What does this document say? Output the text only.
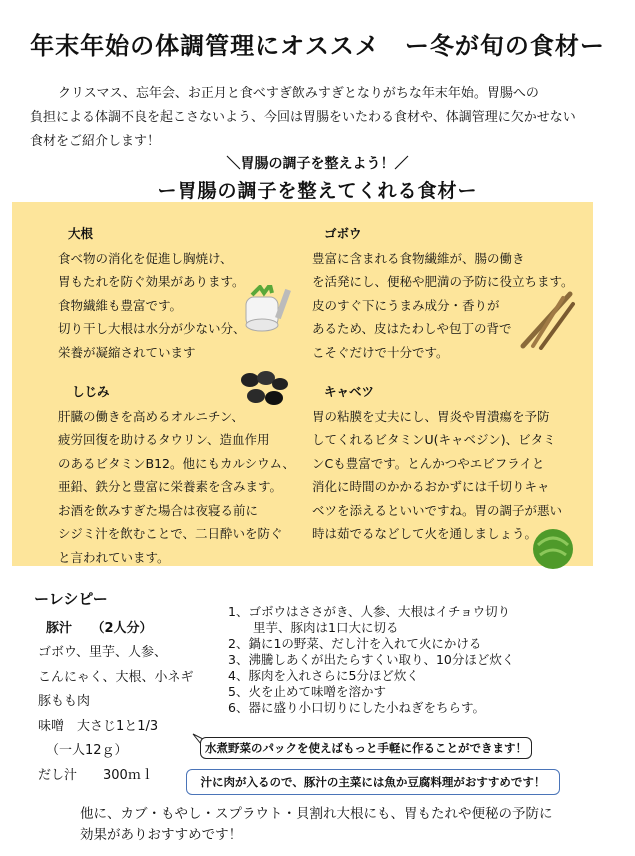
年末年始の体調管理にオススメ　ー冬が旬の食材ー
クリスマス、忘年会、お正月と食べすぎ飲みすぎとなりがちな年末年始。胃腸への
負担による体調不良を起こさないよう、今回は胃腸をいたわる食材や、体調管理に欠かせない
食材をご紹介します！
＼胃腸の調子を整えよう！／
ー胃腸の調子を整えてくれる食材ー
大根
食べ物の消化を促進し胸焼け、
胃もたれを防ぐ効果があります。
食物繊維も豊富です。
切り干し大根は水分が少ない分、
栄養が凝縮されています
ゴボウ
豊富に含まれる食物繊維が、腸の働き
を活発にし、便秘や肥満の予防に役立ちます。
皮のすぐ下にうまみ成分・香りが
あるため、皮はたわしや包丁の背で
こそぐだけで十分です。
しじみ
肝臓の働きを高めるオルニチン、
疲労回復を助けるタウリン、造血作用
のあるビタミンB12。他にもカルシウム、
亜鉛、鉄分と豊富に栄養素を含みます。
お酒を飲みすぎた場合は夜寝る前に
シジミ汁を飲むことで、二日酔いを防ぐ
と言われています。
キャベツ
胃の粘膜を丈夫にし、胃炎や胃潰瘍を予防
してくれるビタミンU(キャベジン)、ビタミ
ンCも豊富です。とんかつやエビフライと
消化に時間のかかるおかずには千切りキャ
ベツを添えるといいですね。胃の調子が悪い
時は茹でるなどして火を通しましょう。
ーレシピー
豚汁　　（2人分）
ゴボウ、里芋、人参、
こんにゃく、大根、小ネギ
豚もも肉
味噌　大さじ1と1/3
（一人12ｇ）
だし汁　　300ｍｌ
1、ゴボウはささがき、人参、大根はイチョウ切り
　　里芋、豚肉は1口大に切る
2、鍋に1の野菜、だし汁を入れて火にかける
3、沸騰しあくが出たらすくい取り、10分ほど炊く
4、豚肉を入れさらに5分ほど炊く
5、火を止めて味噌を溶かす
6、器に盛り小口切りにした小ねぎをちらす。
水煮野菜のパックを使えばもっと手軽に作ることができます！
汁に肉が入るので、豚汁の主菜には魚か豆腐料理がおすすめです！
他に、カブ・もやし・スプラウト・貝割れ大根にも、胃もたれや便秘の予防に
効果がありおすすめです！
